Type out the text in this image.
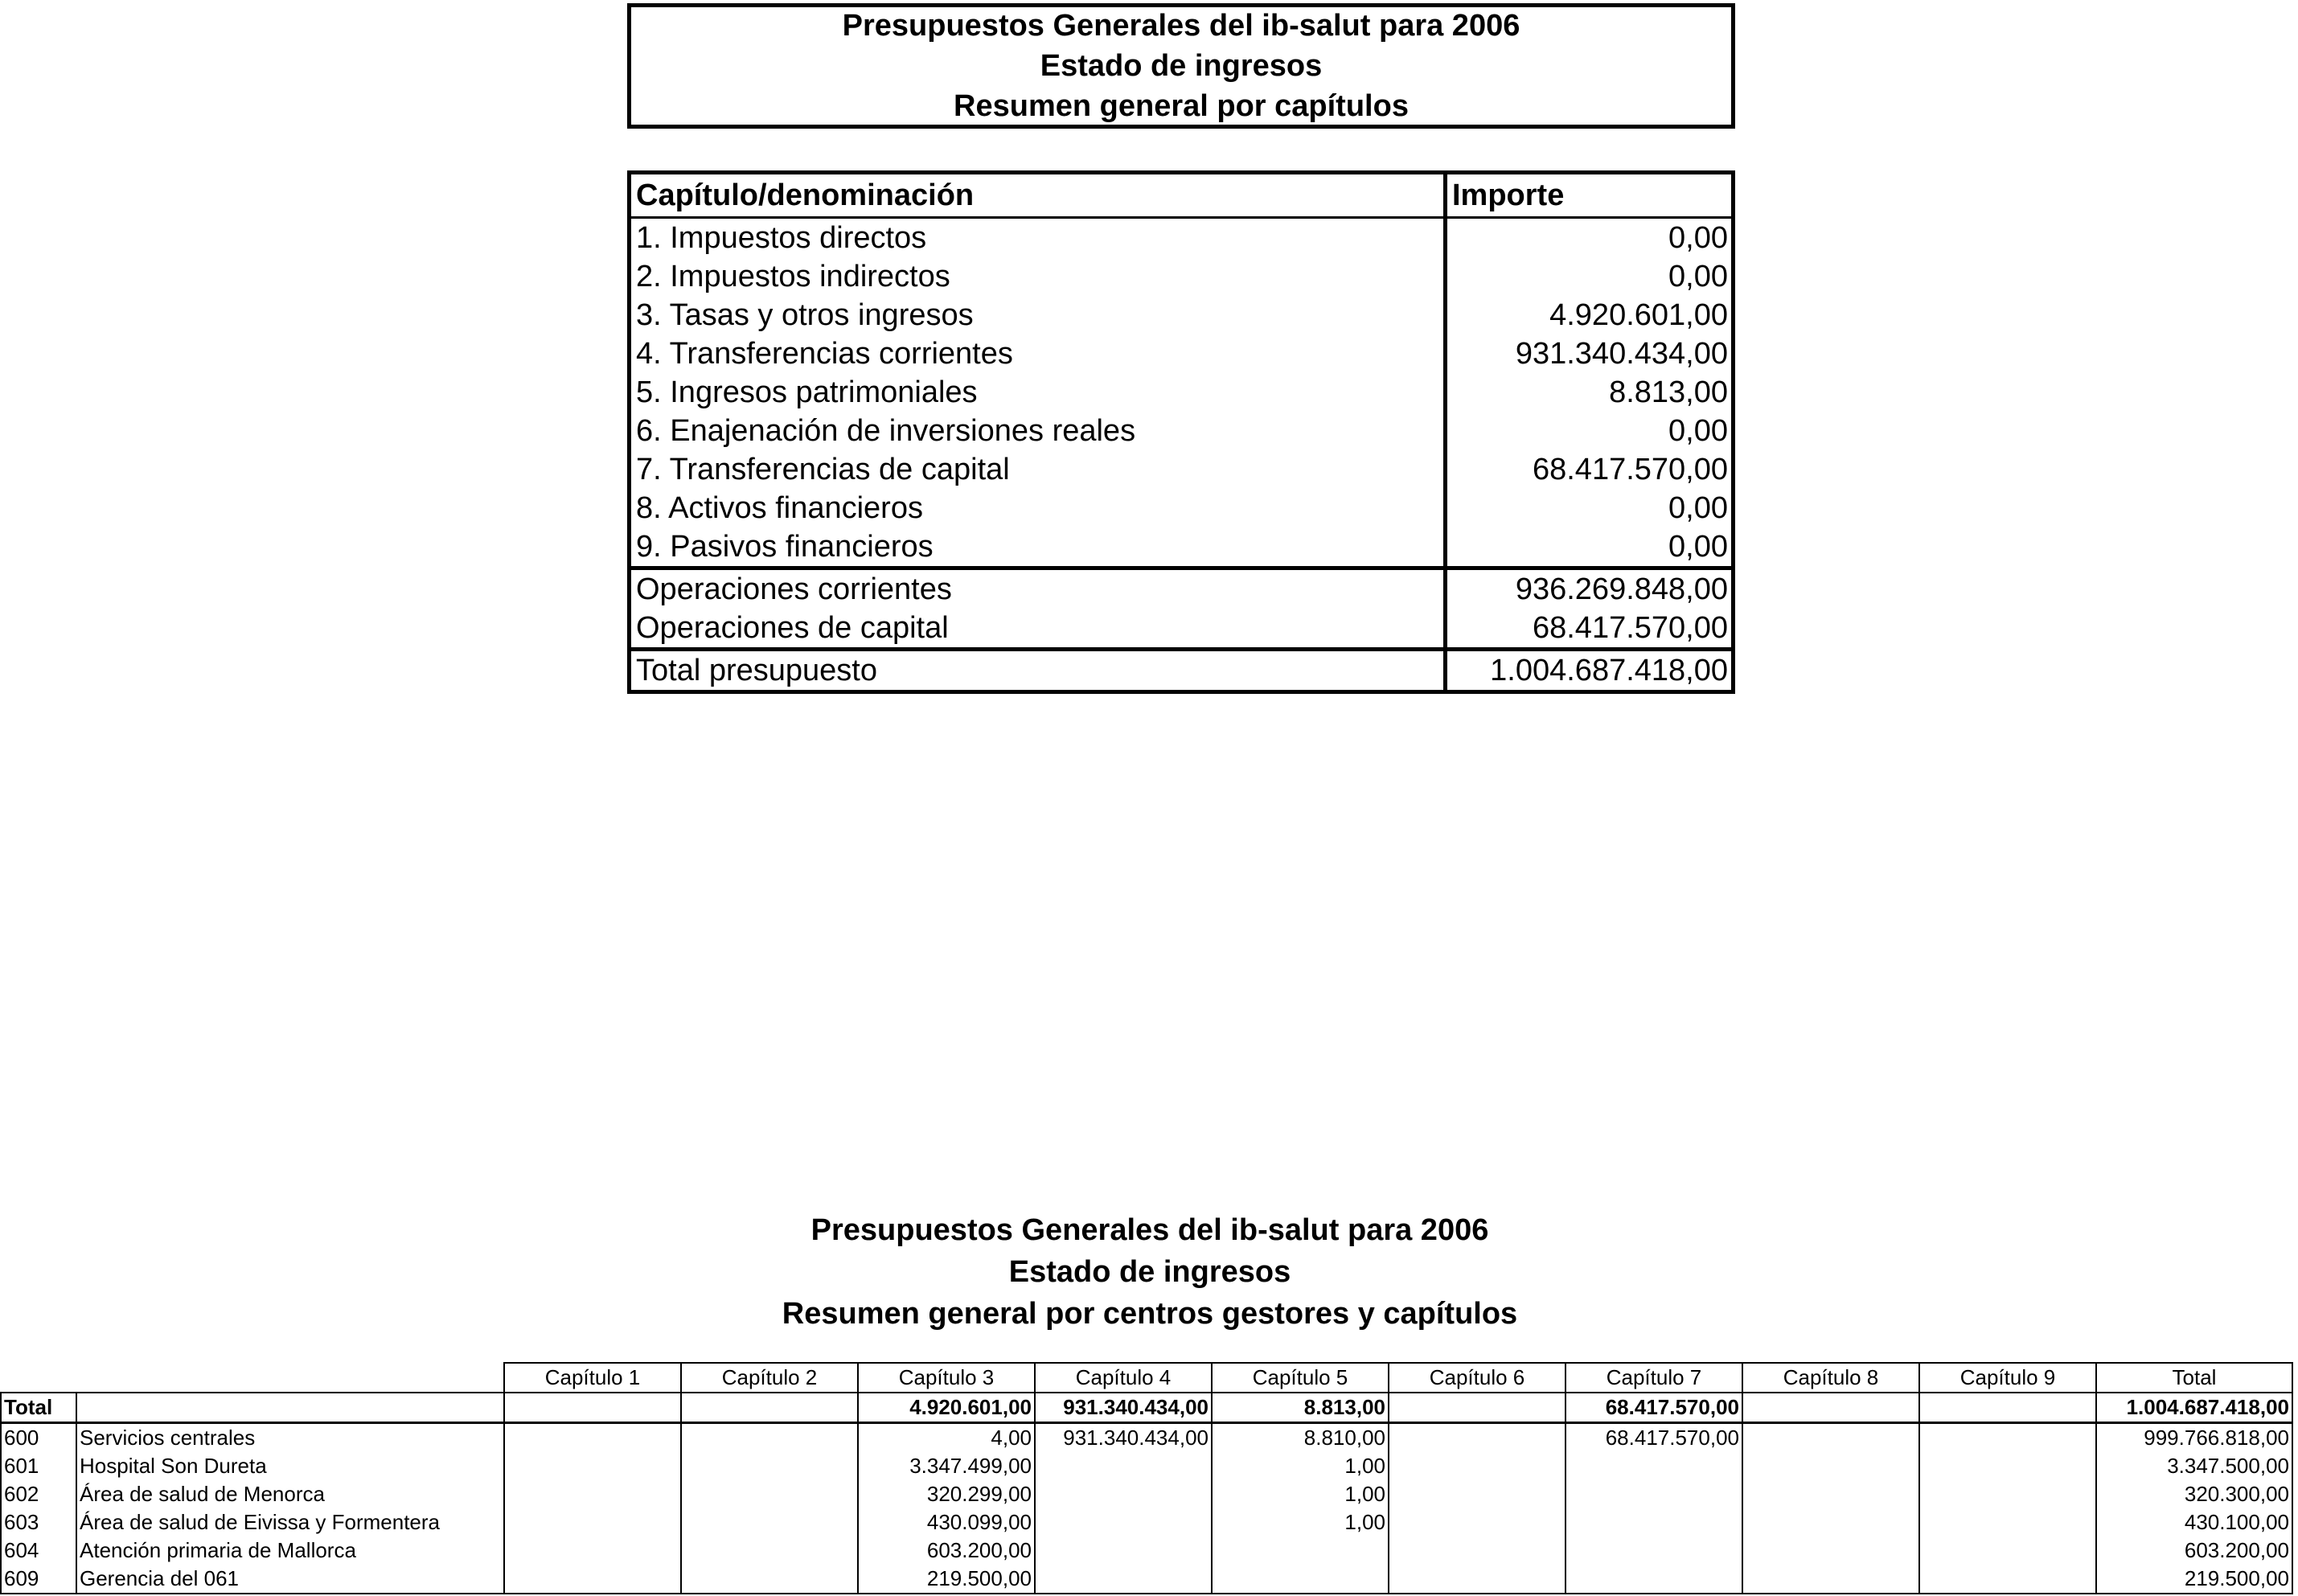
Presupuestos Generales del ib-salut para 2006
Estado de ingresos
Resumen general por capítulos
Capítulo/denominación	Importe
1. Impuestos directos	0,00
2. Impuestos indirectos	0,00
3. Tasas y otros ingresos	4.920.601,00
4. Transferencias corrientes	931.340.434,00
5. Ingresos patrimoniales	8.813,00
6. Enajenación de inversiones reales	0,00
7. Transferencias de capital	68.417.570,00
8. Activos financieros	0,00
9. Pasivos financieros	0,00
Operaciones corrientes	936.269.848,00
Operaciones de capital	68.417.570,00
Total presupuesto	1.004.687.418,00
Presupuestos Generales del ib-salut para 2006
Estado de ingresos
Resumen general por centros gestores y capítulos
		Capítulo 1	Capítulo 2	Capítulo 3	Capítulo 4	Capítulo 5	Capítulo 6	Capítulo 7	Capítulo 8	Capítulo 9	Total
Total				4.920.601,00	931.340.434,00	8.813,00		68.417.570,00			1.004.687.418,00
600	Servicios centrales			4,00	931.340.434,00	8.810,00		68.417.570,00			999.766.818,00
601	Hospital Son Dureta			3.347.499,00		1,00					3.347.500,00
602	Área de salud de Menorca			320.299,00		1,00					320.300,00
603	Área de salud de Eivissa y Formentera			430.099,00		1,00					430.100,00
604	Atención primaria de Mallorca			603.200,00							603.200,00
609	Gerencia del 061			219.500,00							219.500,00
